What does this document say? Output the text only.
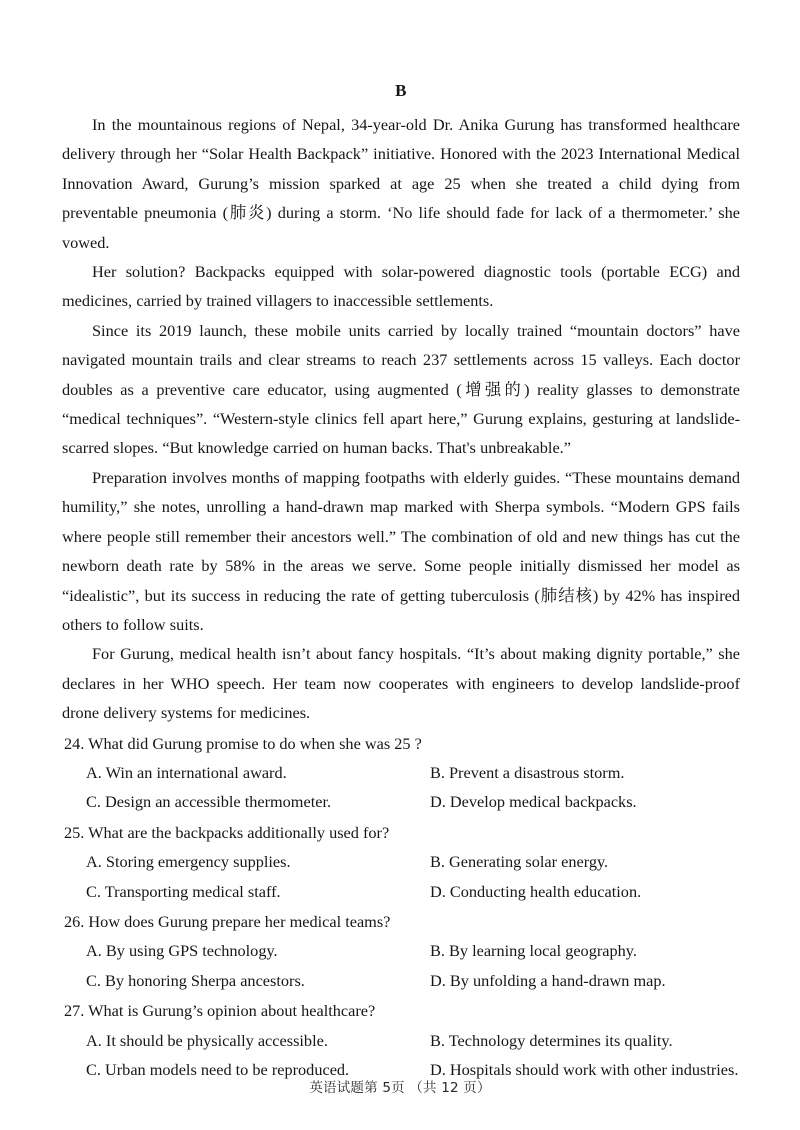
B

In the mountainous regions of Nepal, 34-year-old Dr. Anika Gurung has transformed healthcare delivery through her “Solar Health Backpack” initiative. Honored with the 2023 International Medical Innovation Award, Gurung’s mission sparked at age 25 when she treated a child dying from preventable pneumonia (肺炎) during a storm. ‘No life should fade for lack of a thermometer.’ she vowed.

Her solution? Backpacks equipped with solar-powered diagnostic tools (portable ECG) and medicines, carried by trained villagers to inaccessible settlements.

Since its 2019 launch, these mobile units carried by locally trained “mountain doctors” have navigated mountain trails and clear streams to reach 237 settlements across 15 valleys. Each doctor doubles as a preventive care educator, using augmented (增强的) reality glasses to demonstrate “medical techniques”. “Western-style clinics fell apart here,” Gurung explains, gesturing at landslide-scarred slopes. “But knowledge carried on human backs. That's unbreakable.”

Preparation involves months of mapping footpaths with elderly guides. “These mountains demand humility,” she notes, unrolling a hand-drawn map marked with Sherpa symbols. “Modern GPS fails where people still remember their ancestors well.” The combination of old and new things has cut the newborn death rate by 58% in the areas we serve. Some people initially dismissed her model as “idealistic”, but its success in reducing the rate of getting tuberculosis (肺结核) by 42% has inspired others to follow suits.

For Gurung, medical health isn’t about fancy hospitals. “It’s about making dignity portable,” she declares in her WHO speech. Her team now cooperates with engineers to develop landslide-proof drone delivery systems for medicines.

24. What did Gurung promise to do when she was 25 ?

A. Win an international award.	B. Prevent a disastrous storm.
C. Design an accessible thermometer.	D. Develop medical backpacks.

25. What are the backpacks additionally used for?

A. Storing emergency supplies.	B. Generating solar energy.
C. Transporting medical staff.	D. Conducting health education.

26. How does Gurung prepare her medical teams?

A. By using GPS technology.	B. By learning local geography.
C. By honoring Sherpa ancestors.	D. By unfolding a hand-drawn map.

27. What is Gurung’s opinion about healthcare?

A. It should be physically accessible.	B. Technology determines its quality.
C. Urban models need to be reproduced.	D. Hospitals should work with other industries.
英语试题第 5页 （共 12 页）
